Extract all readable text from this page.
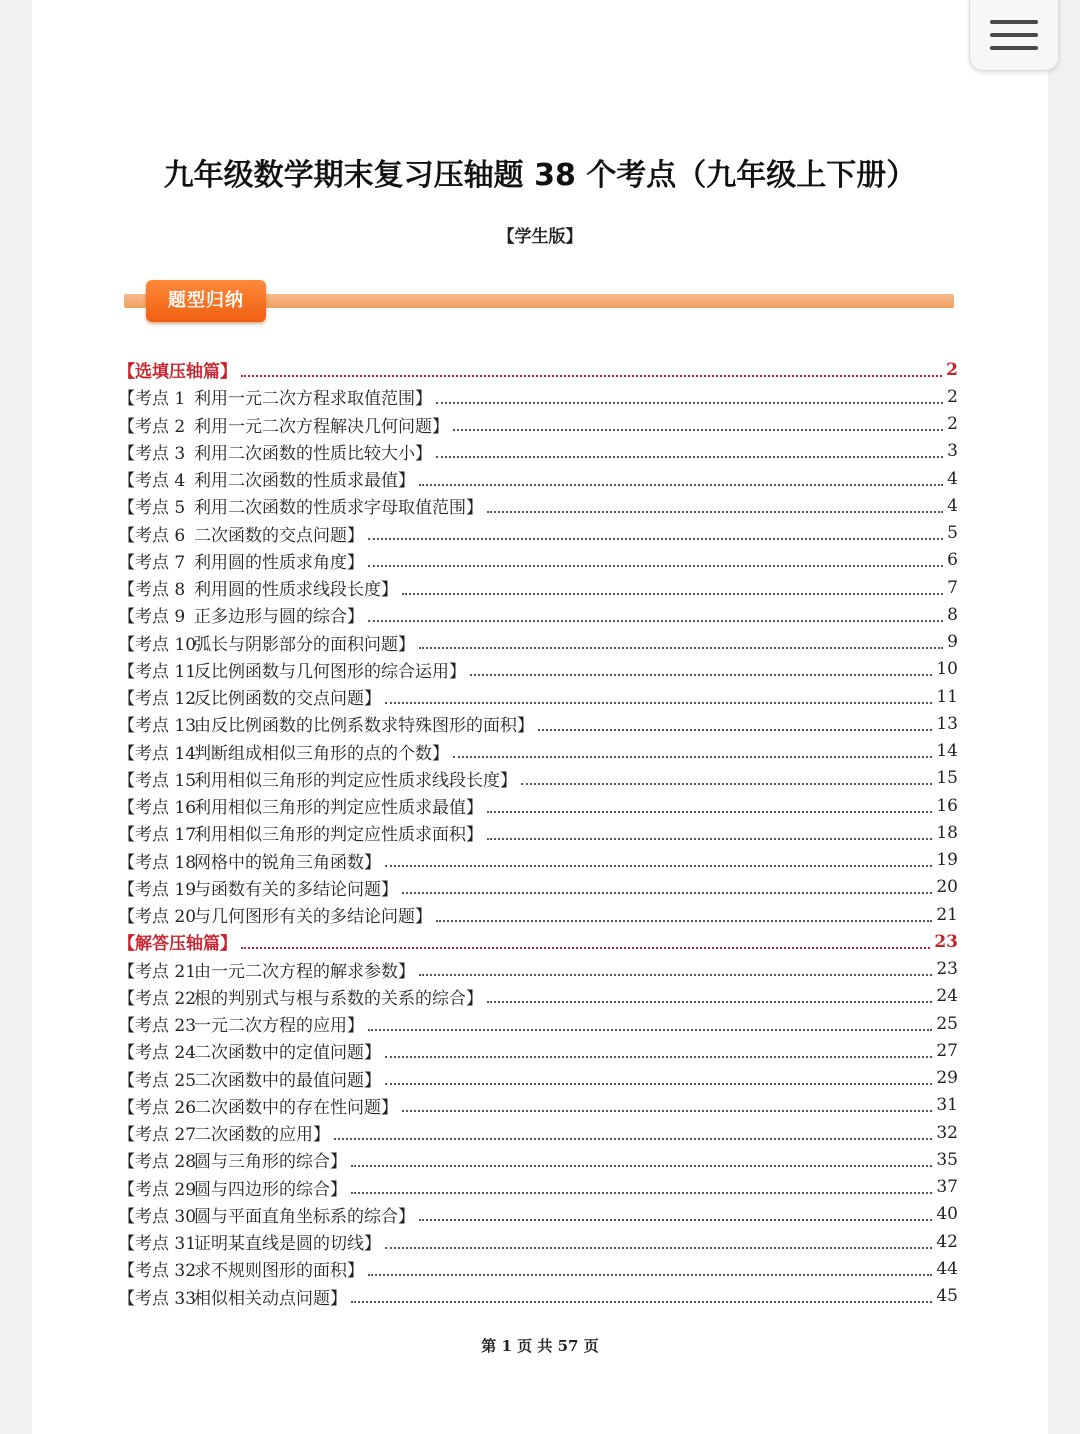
九年级数学期末复习压轴题 38 个考点（九年级上下册）
【学生版】
题型归纳
【选填压轴篇】	2
【考点 1 利用一元二次方程求取值范围】	2
【考点 2 利用一元二次方程解决几何问题】	2
【考点 3 利用二次函数的性质比较大小】	3
【考点 4 利用二次函数的性质求最值】	4
【考点 5 利用二次函数的性质求字母取值范围】	4
【考点 6 二次函数的交点问题】	5
【考点 7 利用圆的性质求角度】	6
【考点 8 利用圆的性质求线段长度】	7
【考点 9 正多边形与圆的综合】	8
【考点 10
弧长与阴影部分的面积问题】	9
【考点 11
反比例函数与几何图形的综合运用】	10
【考点 12
反比例函数的交点问题】	11
【考点 13
由反比例函数的比例系数求特殊图形的面积】	13
【考点 14
判断组成相似三角形的点的个数】	14
【考点 15
利用相似三角形的判定应性质求线段长度】	15
【考点 16
利用相似三角形的判定应性质求最值】	16
【考点 17
利用相似三角形的判定应性质求面积】	18
【考点 18
网格中的锐角三角函数】	19
【考点 19
与函数有关的多结论问题】	20
【考点 20
与几何图形有关的多结论问题】	21
【解答压轴篇】	23
【考点 21
由一元二次方程的解求参数】	23
【考点 22
根的判别式与根与系数的关系的综合】	24
【考点 23
一元二次方程的应用】	25
【考点 24
二次函数中的定值问题】	27
【考点 25
二次函数中的最值问题】	29
【考点 26
二次函数中的存在性问题】	31
【考点 27
二次函数的应用】	32
【考点 28
圆与三角形的综合】	35
【考点 29
圆与四边形的综合】	37
【考点 30
圆与平面直角坐标系的综合】	40
【考点 31
证明某直线是圆的切线】	42
【考点 32
求不规则图形的面积】	44
【考点 33
相似相关动点问题】	45
第 1 页 共 57 页
